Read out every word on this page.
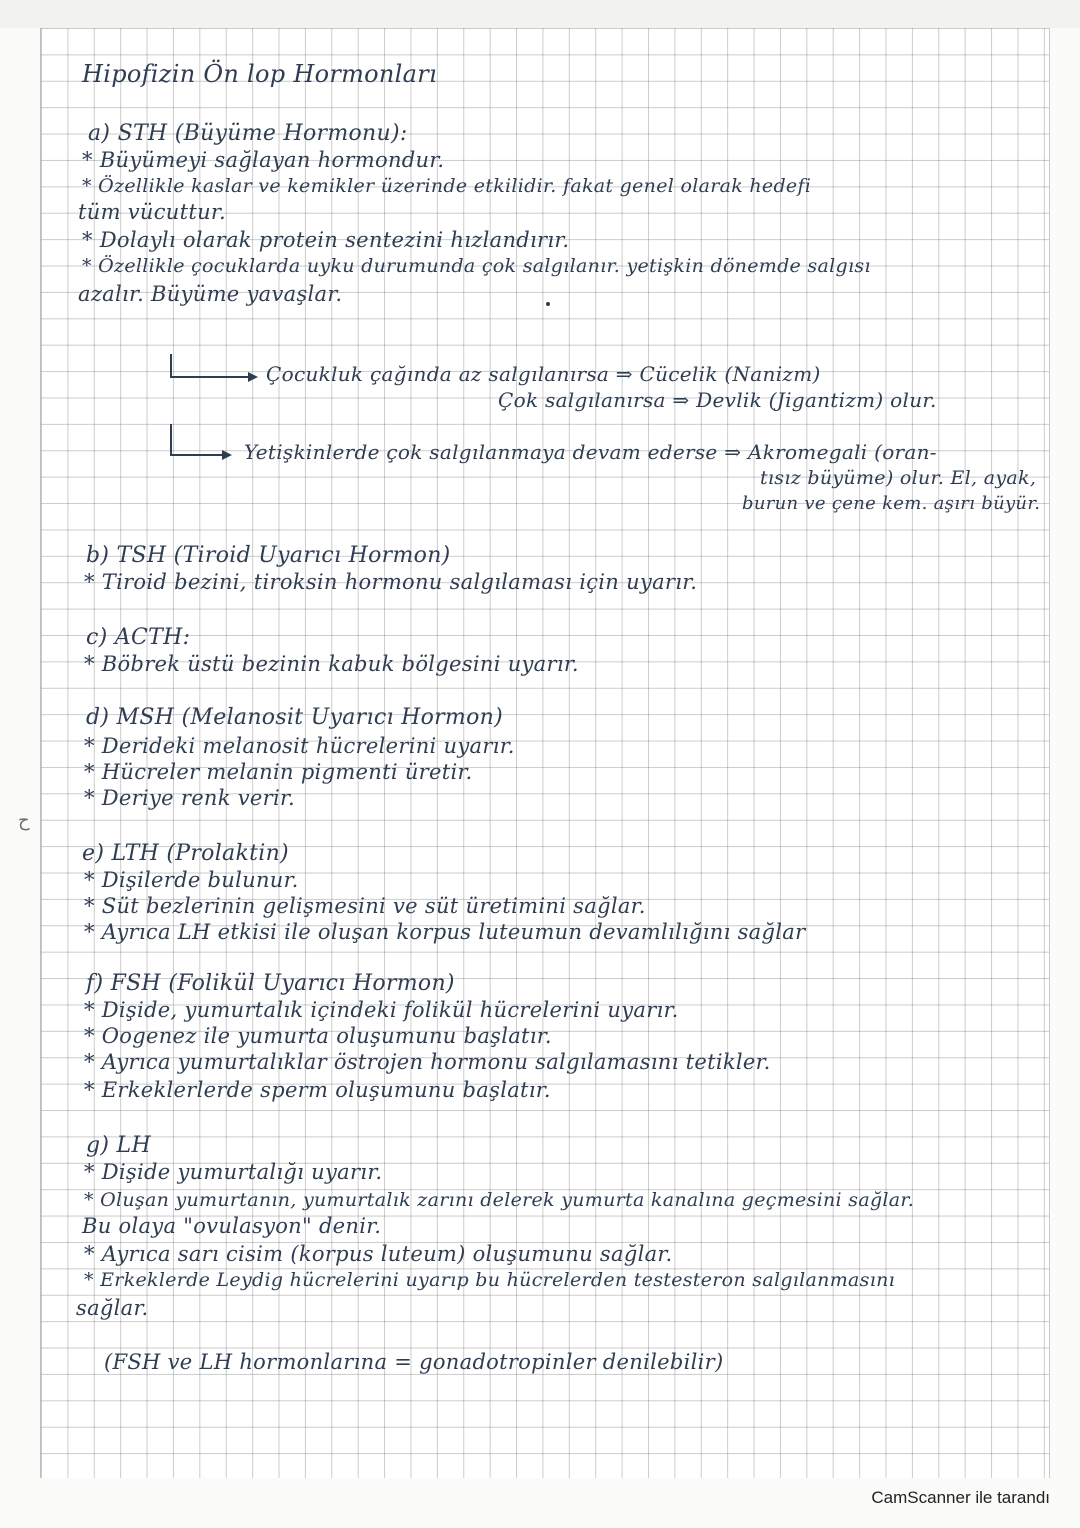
ح

Hipofizin Ön lop Hormonları

a) STH (Büyüme Hormonu):

* Büyümeyi sağlayan hormondur.

* Özellikle kaslar ve kemikler üzerinde etkilidir. fakat genel olarak hedefi

tüm vücuttur.

* Dolaylı olarak protein sentezini hızlandırır.

* Özellikle çocuklarda uyku durumunda çok salgılanır. yetişkin dönemde salgısı

azalır. Büyüme yavaşlar.

Çocukluk çağında az salgılanırsa ⇒ Cücelik (Nanizm)

Çok salgılanırsa ⇒ Devlik (Jigantizm) olur.

Yetişkinlerde çok salgılanmaya devam ederse ⇒ Akromegali (oran-

tısız büyüme) olur. El, ayak,

burun ve çene kem. aşırı büyür.

b) TSH (Tiroid Uyarıcı Hormon)

* Tiroid bezini, tiroksin hormonu salgılaması için uyarır.

c) ACTH:

* Böbrek üstü bezinin kabuk bölgesini uyarır.

d) MSH (Melanosit Uyarıcı Hormon)

* Derideki melanosit hücrelerini uyarır.

* Hücreler melanin pigmenti üretir.

* Deriye renk verir.

e) LTH (Prolaktin)

* Dişilerde bulunur.

* Süt bezlerinin gelişmesini ve süt üretimini sağlar.

* Ayrıca LH etkisi ile oluşan korpus luteumun devamlılığını sağlar

f) FSH (Folikül Uyarıcı Hormon)

* Dişide, yumurtalık içindeki folikül hücrelerini uyarır.

* Oogenez ile yumurta oluşumunu başlatır.

* Ayrıca yumurtalıklar östrojen hormonu salgılamasını tetikler.

* Erkeklerlerde sperm oluşumunu başlatır.

g) LH

* Dişide yumurtalığı uyarır.

* Oluşan yumurtanın, yumurtalık zarını delerek yumurta kanalına geçmesini sağlar.

Bu olaya "ovulasyon" denir.

* Ayrıca sarı cisim (korpus luteum) oluşumunu sağlar.

* Erkeklerde Leydig hücrelerini uyarıp bu hücrelerden testesteron salgılanmasını

sağlar.

(FSH ve LH hormonlarına = gonadotropinler denilebilir)

CamScanner ile tarandı
